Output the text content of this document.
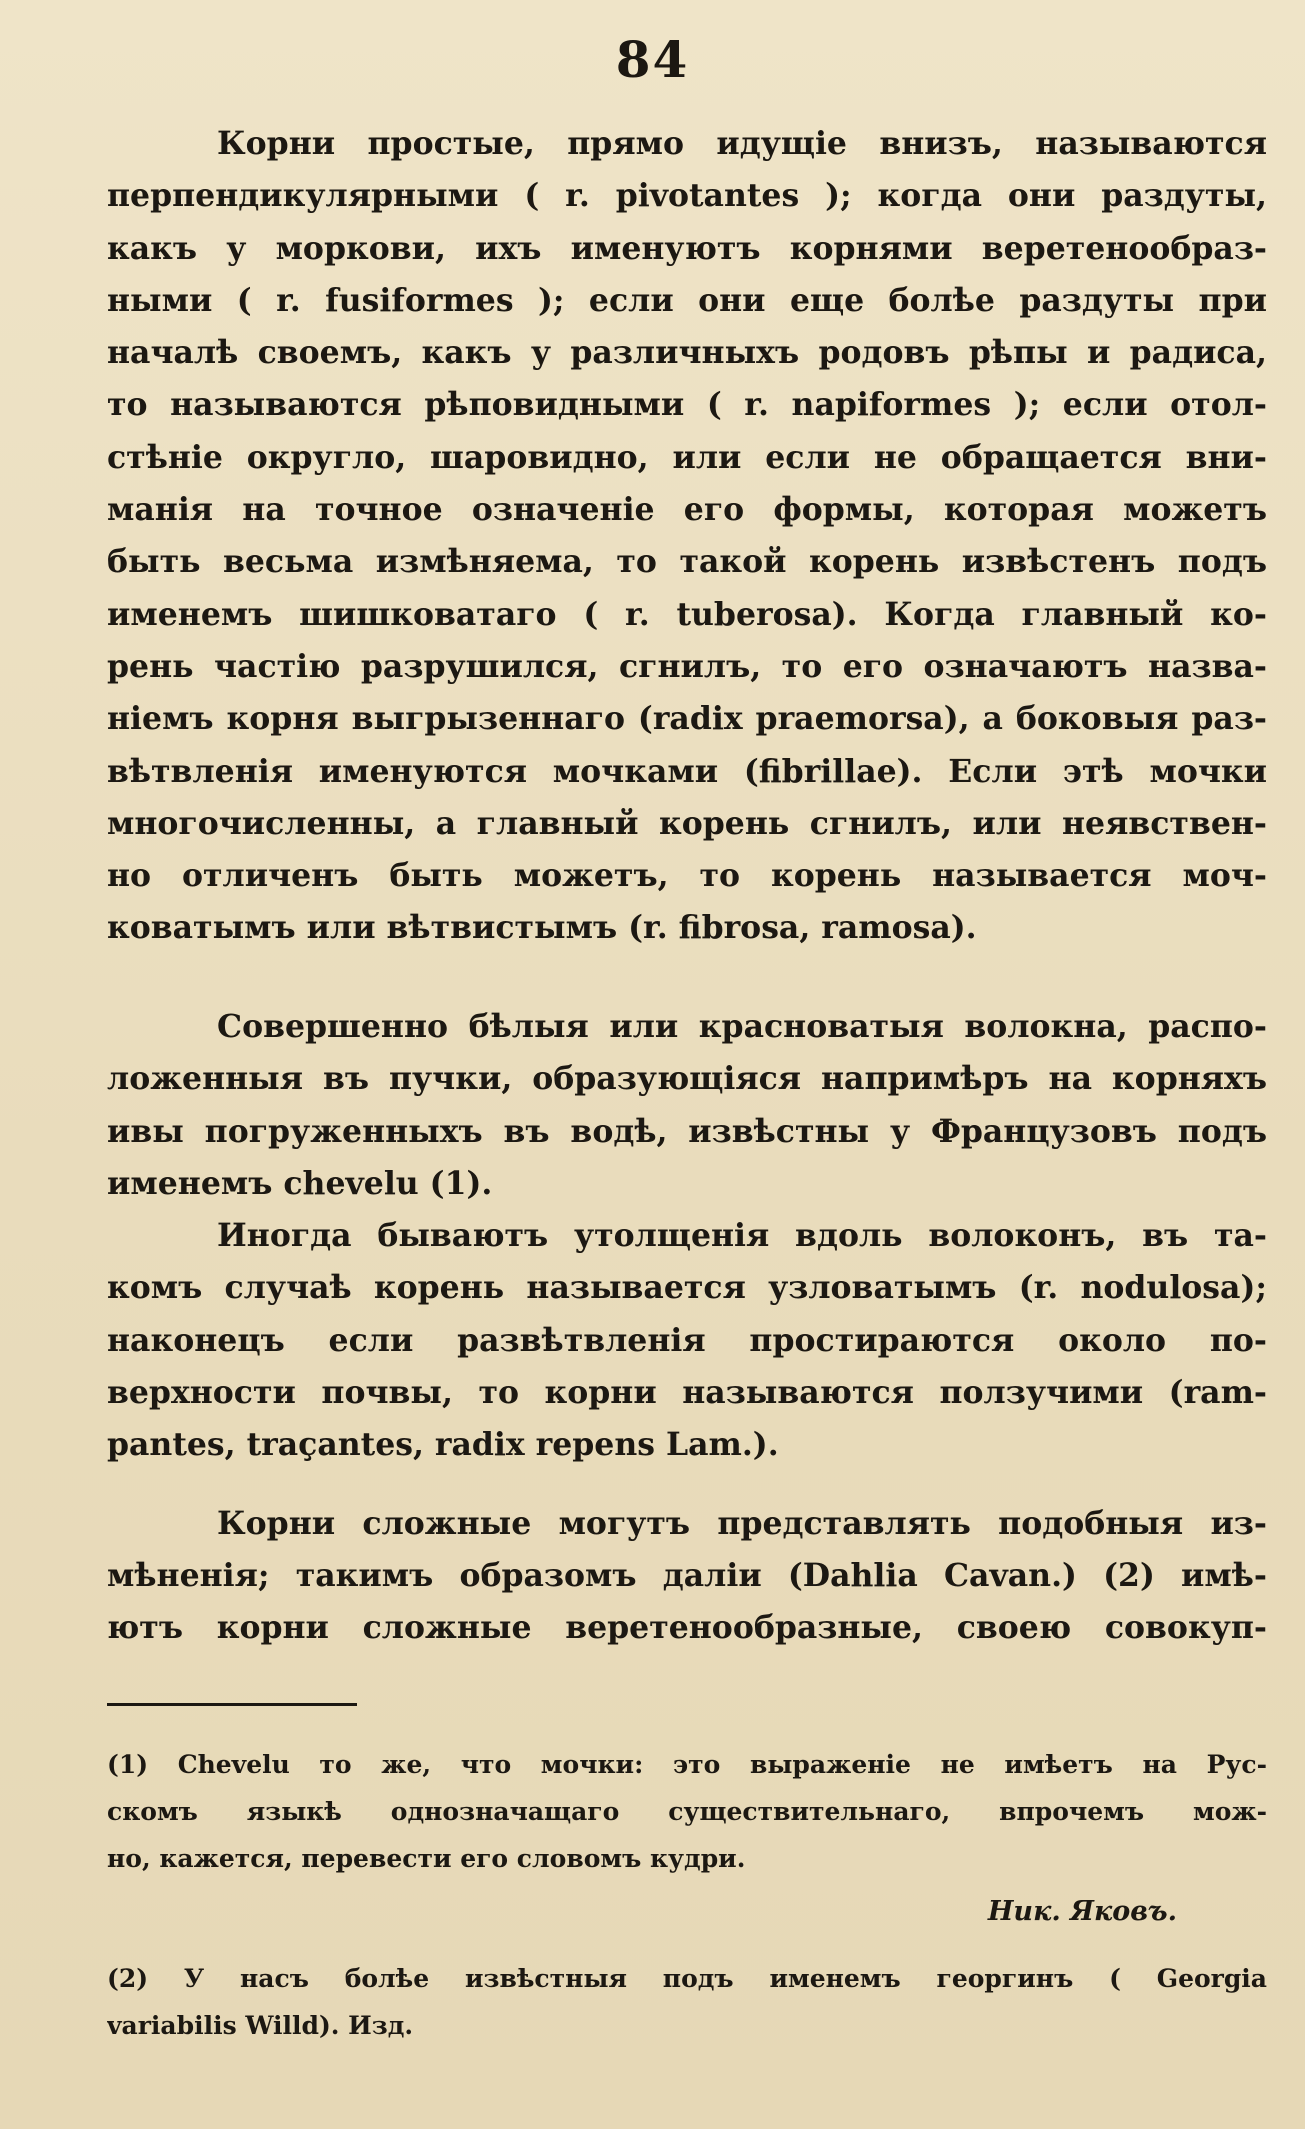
84
Корни простые, прямо идущіе внизъ, называются
перпендикулярными ( r. pivotantes ); когда они раздуты,
какъ у моркови, ихъ именуютъ корнями веретенообраз-
ными ( r. fusiformes ); если они еще болѣе раздуты при
началѣ своемъ, какъ у различныхъ родовъ рѣпы и радиса,
то называются рѣповидными ( r. napiformes ); если отол-
стѣніе округло, шаровидно, или если не обращается вни-
манія на точное означеніе его формы, которая можетъ
быть весьма измѣняема, то такой корень извѣстенъ подъ
именемъ шишковатаго ( r. tuberosa). Когда главный ко-
рень частію разрушился, сгнилъ, то его означаютъ назва-
ніемъ корня выгрызеннаго (radix praemorsa), а боковыя раз-
вѣтвленія именуются мочками (fibrillae). Если этѣ мочки
многочисленны, а главный корень сгнилъ, или неявствен-
но отличенъ быть можетъ, то корень называется моч-
коватымъ или вѣтвистымъ (r. fibrosa, ramosa).
Совершенно бѣлыя или красноватыя волокна, распо-
ложенныя въ пучки, образующіяся напримѣръ на корняхъ
ивы погруженныхъ въ водѣ, извѣстны у Французовъ подъ
именемъ chevelu (1).
Иногда бываютъ утолщенія вдоль волоконъ, въ та-
комъ случаѣ корень называется узловатымъ (r. nodulosa);
наконецъ если развѣтвленія простираются около по-
верхности почвы, то корни называются ползучими (ram-
pantes, traçantes, radix repens Lam.).
Корни сложные могутъ представлять подобныя из-
мѣненія; такимъ образомъ даліи (Dahlia Cavan.) (2) имѣ-
ютъ корни сложные веретенообразные, своею совокуп-
(1) Chevelu то же, что мочки: это выраженіе не имѣетъ на Рус-
скомъ языкѣ однозначащаго существительнаго, впрочемъ мож-
но, кажется, перевести его словомъ кудри.
Ник. Яковъ.
(2) У насъ болѣе извѣстныя подъ именемъ георгинъ ( Georgia
variabilis Willd). Изд.
